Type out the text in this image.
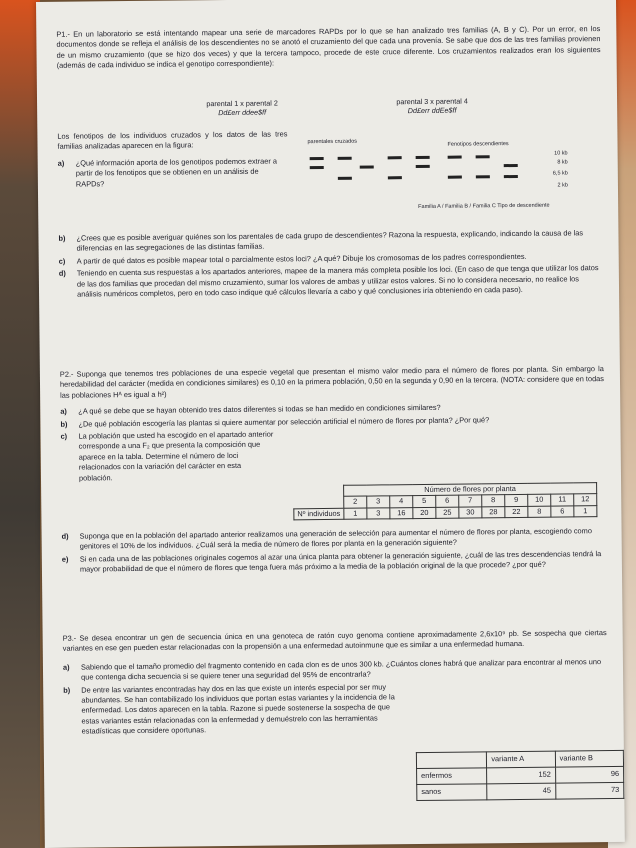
P1.- En un laboratorio se está intentando mapear una serie de marcadores RAPDs por lo que se han analizado tres familias (A, B y C). Por un error, en los documentos donde se refleja el análisis de los descendientes no se anotó el cruzamiento del que cada una provenía. Se sabe que dos de las tres familias provienen de un mismo cruzamiento (que se hizo dos veces) y que la tercera tampoco, procede de este cruce diferente. Los cruzamientos realizados eran los siguientes (además de cada individuo se indica el genotipo correspondiente):

parental 1 x parental 2	parental 3 x parental 4
Dd£err ddee$ff	Dd£err ddEe$ff

Los fenotipos de los individuos cruzados y los datos de las tres familias analizadas aparecen en la figura:

a)	¿Qué información aporta de los genotipos podemos extraer a partir de los fenotipos que se obtienen en un análisis de RAPDs?
parentales cruzados	Fenotipos descendientes
10 kb
8 kb
6,5 kb
2 kb
Familia A / Familia B / Familia C Tipo de descendiente
b)	¿Crees que es posible averiguar quiénes son los parentales de cada grupo de descendientes? Razona la respuesta, explicando, indicando la causa de las diferencias en las segregaciones de las distintas familias.
c)	A partir de qué datos es posible mapear total o parcialmente estos loci? ¿A qué? Dibuje los cromosomas de los padres correspondientes.
d)	Teniendo en cuenta sus respuestas a los apartados anteriores, mapee de la manera más completa posible los loci. (En caso de que tenga que utilizar los datos de las dos familias que procedan del mismo cruzamiento, sumar los valores de ambas y utilizar estos valores. Si no lo considera necesario, no realice los análisis numéricos completos, pero en todo caso indique qué cálculos llevaría a cabo y qué conclusiones iría obteniendo en cada paso).

P2.- Suponga que tenemos tres poblaciones de una especie vegetal que presentan el mismo valor medio para el número de flores por planta. Sin embargo la heredabilidad del carácter (medida en condiciones similares) es 0,10 en la primera población, 0,50 en la segunda y 0,90 en la tercera. (NOTA: considere que en todas las poblaciones Hᴬ es igual a h²)

a)	¿A qué se debe que se hayan obtenido tres datos diferentes si todas se han medido en condiciones similares?
b)	¿De qué población escogería las plantas si quiere aumentar por selección artificial el número de flores por planta? ¿Por qué?
c)	La población que usted ha escogido en el apartado anterior corresponde a una F₂ que presenta la composición que aparece en la tabla. Determine el número de loci relacionados con la variación del carácter en esta población.
	Número de flores por planta										
	2	3	4	5	6	7	8	9	10	11	12
Nº individuos	1	3	16	20	25	30	28	22	8	6	1
d)	Suponga que en la población del apartado anterior realizamos una generación de selección para aumentar el número de flores por planta, escogiendo como genitores el 10% de los individuos. ¿Cuál será la media de número de flores por planta en la generación siguiente?
e)	Si en cada una de las poblaciones originales cogemos al azar una única planta para obtener la generación siguiente, ¿cuál de las tres descendencias tendrá la mayor probabilidad de que el número de flores que tenga fuera más próximo a la media de la población original de la que procede? ¿por qué?

P3.- Se desea encontrar un gen de secuencia única en una genoteca de ratón cuyo genoma contiene aproximadamente 2,6x10⁹ pb. Se sospecha que ciertas variantes en ese gen pueden estar relacionadas con la propensión a una enfermedad autoinmune que es similar a una enfermedad humana.

a)	Sabiendo que el tamaño promedio del fragmento contenido en cada clon es de unos 300 kb. ¿Cuántos clones habrá que analizar para encontrar al menos uno que contenga dicha secuencia si se quiere tener una seguridad del 95% de encontrarla?
b)	De entre las variantes encontradas hay dos en las que existe un interés especial por ser muy abundantes. Se han contabilizado los individuos que portan estas variantes y la incidencia de la enfermedad. Los datos aparecen en la tabla. Razone si puede sostenerse la sospecha de que estas variantes están relacionadas con la enfermedad y demuéstrelo con las herramientas estadísticas que considere oportunas.
	variante A	variante B
enfermos	152	96
sanos	45	73
